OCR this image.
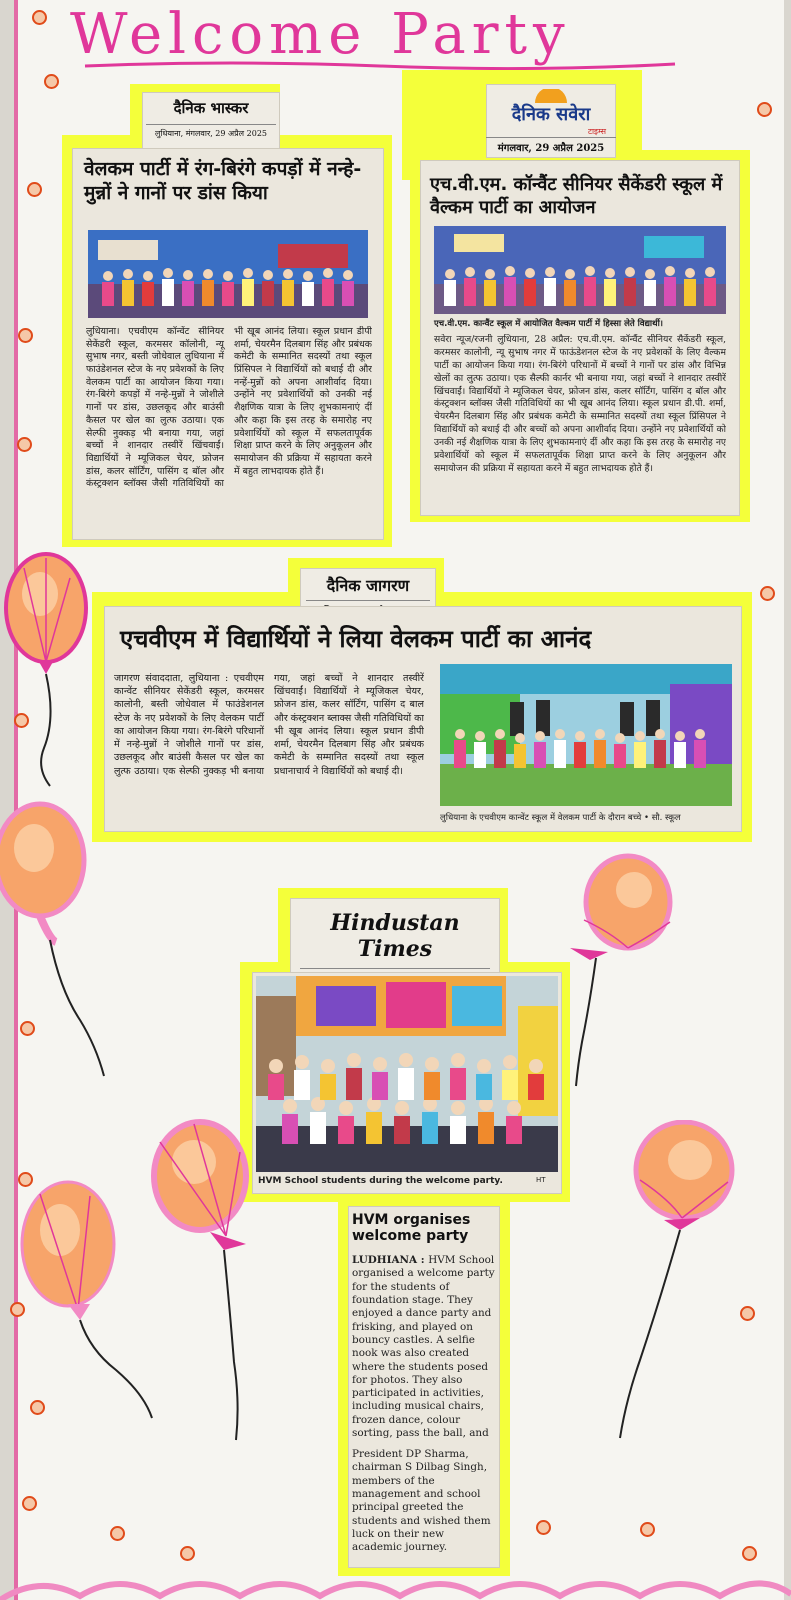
Welcome Party
दैनिक भास्कर
लुधियाना, मंगलवार, 29 अप्रैल 2025
वेलकम पार्टी में रंग-बिरंगे कपड़ों में नन्हे-मुन्नों ने गानों पर डांस किया
लुधियाना। एचवीएम कॉन्वेंट सीनियर सेकेंडरी स्कूल, करमसर कॉलोनी, न्यू सुभाष नगर, बस्ती जोधेवाल लुधियाना में फाउंडेशनल स्टेज के नए प्रवेशकों के लिए वेलकम पार्टी का आयोजन किया गया। रंग-बिरंगे कपड़ों में नन्हे-मुन्नों ने जोशीले गानों पर डांस, उछलकूद और बाउंसी कैसल पर खेल का लुत्फ उठाया। एक सेल्फी नुक्कड़ भी बनाया गया, जहां बच्चों ने शानदार तस्वीरें खिंचवाईं। विद्यार्थियों ने म्यूजिकल चेयर, फ्रोजन डांस, कलर सॉर्टिंग, पासिंग द बॉल और कंस्ट्रक्शन ब्लॉक्स जैसी गतिविधियों का भी खूब आनंद लिया। स्कूल प्रधान डीपी शर्मा, चेयरमैन दिलबाग सिंह और प्रबंधक कमेटी के सम्मानित सदस्यों तथा स्कूल प्रिंसिपल ने विद्यार्थियों को बधाई दी और नन्हें-मुन्नों को अपना आशीर्वाद दिया। उन्होंने नए प्रवेशार्थियों को उनकी नई शैक्षणिक यात्रा के लिए शुभकामनाएं दीं और कहा कि इस तरह के समारोह नए प्रवेशार्थियों को स्कूल में सफलतापूर्वक शिक्षा प्राप्त करने के लिए अनुकूलन और समायोजन की प्रक्रिया में सहायता करने में बहुत लाभदायक होते हैं।
दैनिक सवेरा
टाइम्स
मंगलवार, 29 अप्रैल 2025
एच.वी.एम. कॉन्वैंट सीनियर सैकेंडरी स्कूल में वैल्कम पार्टी का आयोजन
एच.वी.एम. कान्वैंट स्कूल में आयोजित वैल्कम पार्टी में हिस्सा लेते विद्यार्थी।
सवेरा न्यूज/रजनी लुधियाना, 28 अप्रैल: एच.वी.एम. कॉन्वैंट सीनियर सैकेंडरी स्कूल, करमसर कालोनी, न्यू सुभाष नगर में फाऊंडेशनल स्टेज के नए प्रवेशकों के लिए वैल्कम पार्टी का आयोजन किया गया। रंग-बिरंगे परिधानों में बच्चों ने गानों पर डांस और विभिन्न खेलों का लुत्फ उठाया। एक सैल्फी कार्नर भी बनाया गया, जहां बच्चों ने शानदार तस्वीरें खिंचवाईं। विद्यार्थियों ने म्यूजिकल चेयर, फ्रोजन डांस, कलर सॉर्टिंग, पासिंग द बॉल और कंस्ट्रक्शन ब्लॉक्स जैसी गतिविधियों का भी खूब आनंद लिया। स्कूल प्रधान डी.पी. शर्मा, चेयरमैन दिलबाग सिंह और प्रबंधक कमेटी के सम्मानित सदस्यों तथा स्कूल प्रिंसिपल ने विद्यार्थियों को बधाई दी और बच्चों को अपना आशीर्वाद दिया। उन्होंने नए प्रवेशार्थियों को उनकी नई शैक्षणिक यात्रा के लिए शुभकामनाएं दीं और कहा कि इस तरह के समारोह नए प्रवेशार्थियों को स्कूल में सफलतापूर्वक शिक्षा प्राप्त करने के लिए अनुकूलन और समायोजन की प्रक्रिया में सहायता करने में बहुत लाभदायक होते हैं।
दैनिक जागरण
एचवीएम में विद्यार्थियों ने लिया वेलकम पार्टी का आनंद
जागरण संवाददाता, लुधियाना : एचवीएम कान्वेंट सीनियर सेकेंडरी स्कूल, करमसर कालोनी, बस्ती जोधेवाल में फाउंडेशनल स्टेज के नए प्रवेशकों के लिए वेलकम पार्टी का आयोजन किया गया। रंग-बिरंगे परिधानों में नन्हे-मुन्नों ने जोशीले गानों पर डांस, उछलकूद और बाउंसी कैसल पर खेल का लुत्फ उठाया। एक सेल्फी नुक्कड़ भी बनाया गया, जहां बच्चों ने शानदार तस्वीरें खिंचवाईं। विद्यार्थियों ने म्यूजिकल चेयर, फ्रोजन डांस, कलर सॉर्टिंग, पासिंग द बाल और कंस्ट्रक्शन ब्लाक्स जैसी गतिविधियों का भी खूब आनंद लिया। स्कूल प्रधान डीपी शर्मा, चेयरमैन दिलबाग सिंह और प्रबंधक कमेटी के सम्मानित सदस्यों तथा स्कूल प्रधानाचार्य ने विद्यार्थियों को बधाई दी।
लुधियाना के एचवीएम कान्वेंट स्कूल में वेलकम पार्टी के दौरान बच्चे • सौ. स्कूल
Hindustan Times
HVM School students during the welcome party.	HT
HVM organises welcome party
LUDHIANA : HVM School organised a welcome party for the students of foundation stage. They enjoyed a dance party and frisking, and played on bouncy castles. A selfie nook was also created where the students posed for photos. They also participated in activities, including musical chairs, frozen dance, colour sorting, pass the ball, and
President DP Sharma, chairman S Dilbag Singh, members of the management and school principal greeted the students and wished them luck on their new academic journey.
